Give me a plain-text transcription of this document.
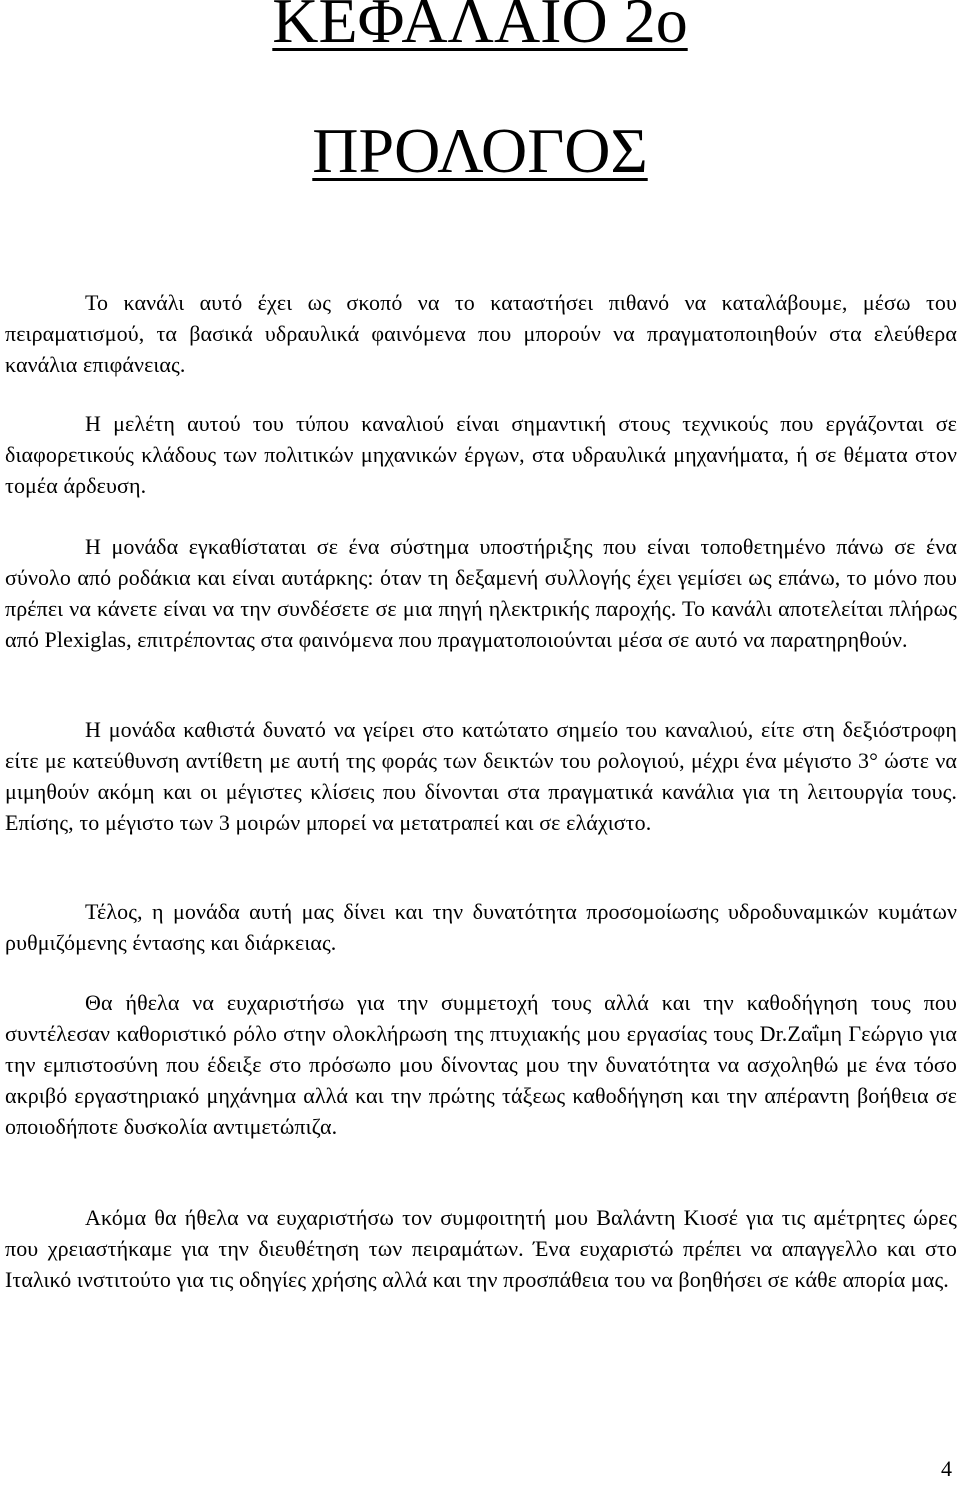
ΚΕΦΑΛΑΙΟ 2ο
ΠΡΟΛΟΓΟΣ

Το κανάλι αυτό έχει ως σκοπό να το καταστήσει πιθανό να καταλάβουμε, μέσω του πειραματισμού, τα βασικά υδραυλικά φαινόμενα που μπορούν να πραγματοποιηθούν στα ελεύθερα κανάλια επιφάνειας.

Η μελέτη αυτού του τύπου καναλιού είναι σημαντική στους τεχνικούς που εργάζονται σε διαφορετικούς κλάδους των πολιτικών μηχανικών έργων, στα υδραυλικά μηχανήματα, ή σε θέματα στον τομέα άρδευση.

Η μονάδα εγκαθίσταται σε ένα σύστημα υποστήριξης που είναι τοποθετημένο πάνω σε ένα σύνολο από ροδάκια και είναι αυτάρκης: όταν τη δεξαμενή συλλογής έχει γεμίσει ως επάνω, το μόνο που πρέπει να κάνετε είναι να την συνδέσετε σε μια πηγή ηλεκτρικής παροχής. Το κανάλι αποτελείται πλήρως από Plexiglas, επιτρέποντας στα φαινόμενα που πραγματοποιούνται μέσα σε αυτό να παρατηρηθούν.

Η μονάδα καθιστά δυνατό να γείρει στο κατώτατο σημείο του καναλιού, είτε στη δεξιόστροφη είτε με κατεύθυνση αντίθετη με αυτή της φοράς των δεικτών του ρολογιού, μέχρι ένα μέγιστο 3° ώστε να μιμηθούν ακόμη και οι μέγιστες κλίσεις που δίνονται στα πραγματικά κανάλια για τη λειτουργία τους. Επίσης, το μέγιστο των 3 μοιρών μπορεί να μετατραπεί και σε ελάχιστο.

Τέλος, η μονάδα αυτή μας δίνει και την δυνατότητα προσομοίωσης υδροδυναμικών κυμάτων ρυθμιζόμενης έντασης και διάρκειας.

Θα ήθελα να ευχαριστήσω για την συμμετοχή τους αλλά και την καθοδήγηση τους που συντέλεσαν καθοριστικό ρόλο στην ολοκλήρωση της πτυχιακής μου εργασίας τους Dr.Ζαΐμη Γεώργιο για την εμπιστοσύνη που έδειξε στο πρόσωπο μου δίνοντας μου την δυνατότητα να ασχοληθώ με ένα τόσο ακριβό εργαστηριακό μηχάνημα αλλά και την πρώτης τάξεως καθοδήγηση και την απέραντη βοήθεια σε οποιοδήποτε δυσκολία αντιμετώπιζα.

Ακόμα θα ήθελα να ευχαριστήσω τον συμφοιτητή μου Βαλάντη Κιοσέ για τις αμέτρητες ώρες που χρειαστήκαμε για την διευθέτηση των πειραμάτων. Ένα ευχαριστώ πρέπει να απαγγελλο και στο Ιταλικό ινστιτούτο για τις οδηγίες χρήσης αλλά και την προσπάθεια του να βοηθήσει σε κάθε απορία μας.

4
